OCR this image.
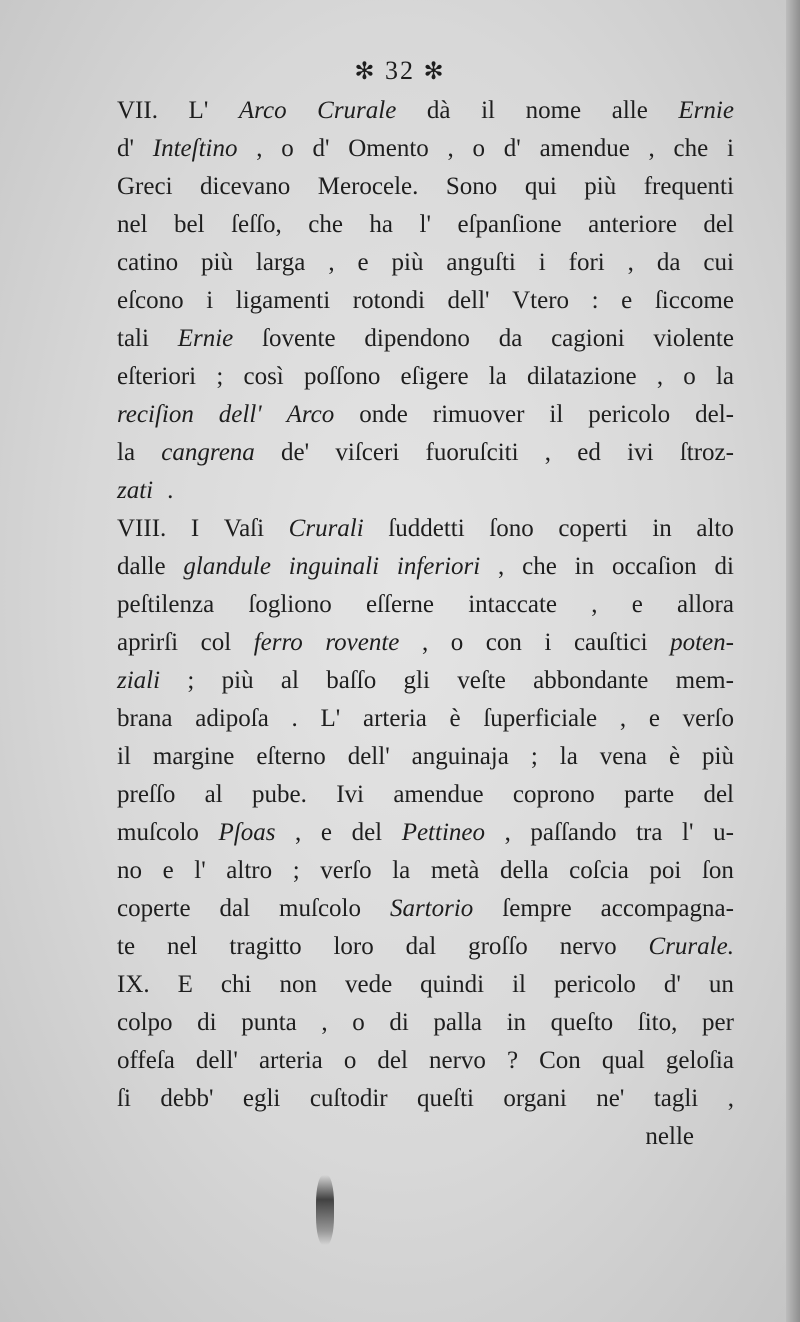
✻ 32 ✻
VII. L' Arco Crurale dà il nome alle Ernie
d' Inteſtino , o d' Omento , o d' amendue , che i
Greci dicevano Merocele. Sono qui più frequenti
nel bel ſeſſo, che ha l' eſpanſione anteriore del
catino più larga , e più anguſti i fori , da cui
eſcono i ligamenti rotondi dell' Vtero : e ſiccome
tali Ernie ſovente dipendono da cagioni violente
eſteriori ; così poſſono eſigere la dilatazione , o la
reciſion dell' Arco onde rimuover il pericolo del-
la cangrena de' viſceri fuoruſciti , ed ivi ſtroz-
zati .
VIII. I Vaſi Crurali ſuddetti ſono coperti in alto
dalle glandule inguinali inferiori , che in occaſion di
peſtilenza ſogliono eſſerne intaccate , e allora
aprirſi col ferro rovente , o con i cauſtici poten-
ziali ; più al baſſo gli veſte abbondante mem-
brana adipoſa . L' arteria è ſuperficiale , e verſo
il margine eſterno dell' anguinaja ; la vena è più
preſſo al pube. Ivi amendue coprono parte del
muſcolo Pſoas , e del Pettineo , paſſando tra l' u-
no e l' altro ; verſo la metà della coſcia poi ſon
coperte dal muſcolo Sartorio ſempre accompagna-
te nel tragitto loro dal groſſo nervo Crurale.
IX. E chi non vede quindi il pericolo d' un
colpo di punta , o di palla in queſto ſito, per
offeſa dell' arteria o del nervo ? Con qual geloſia
ſi debb' egli cuſtodir queſti organi ne' tagli ,
nelle
